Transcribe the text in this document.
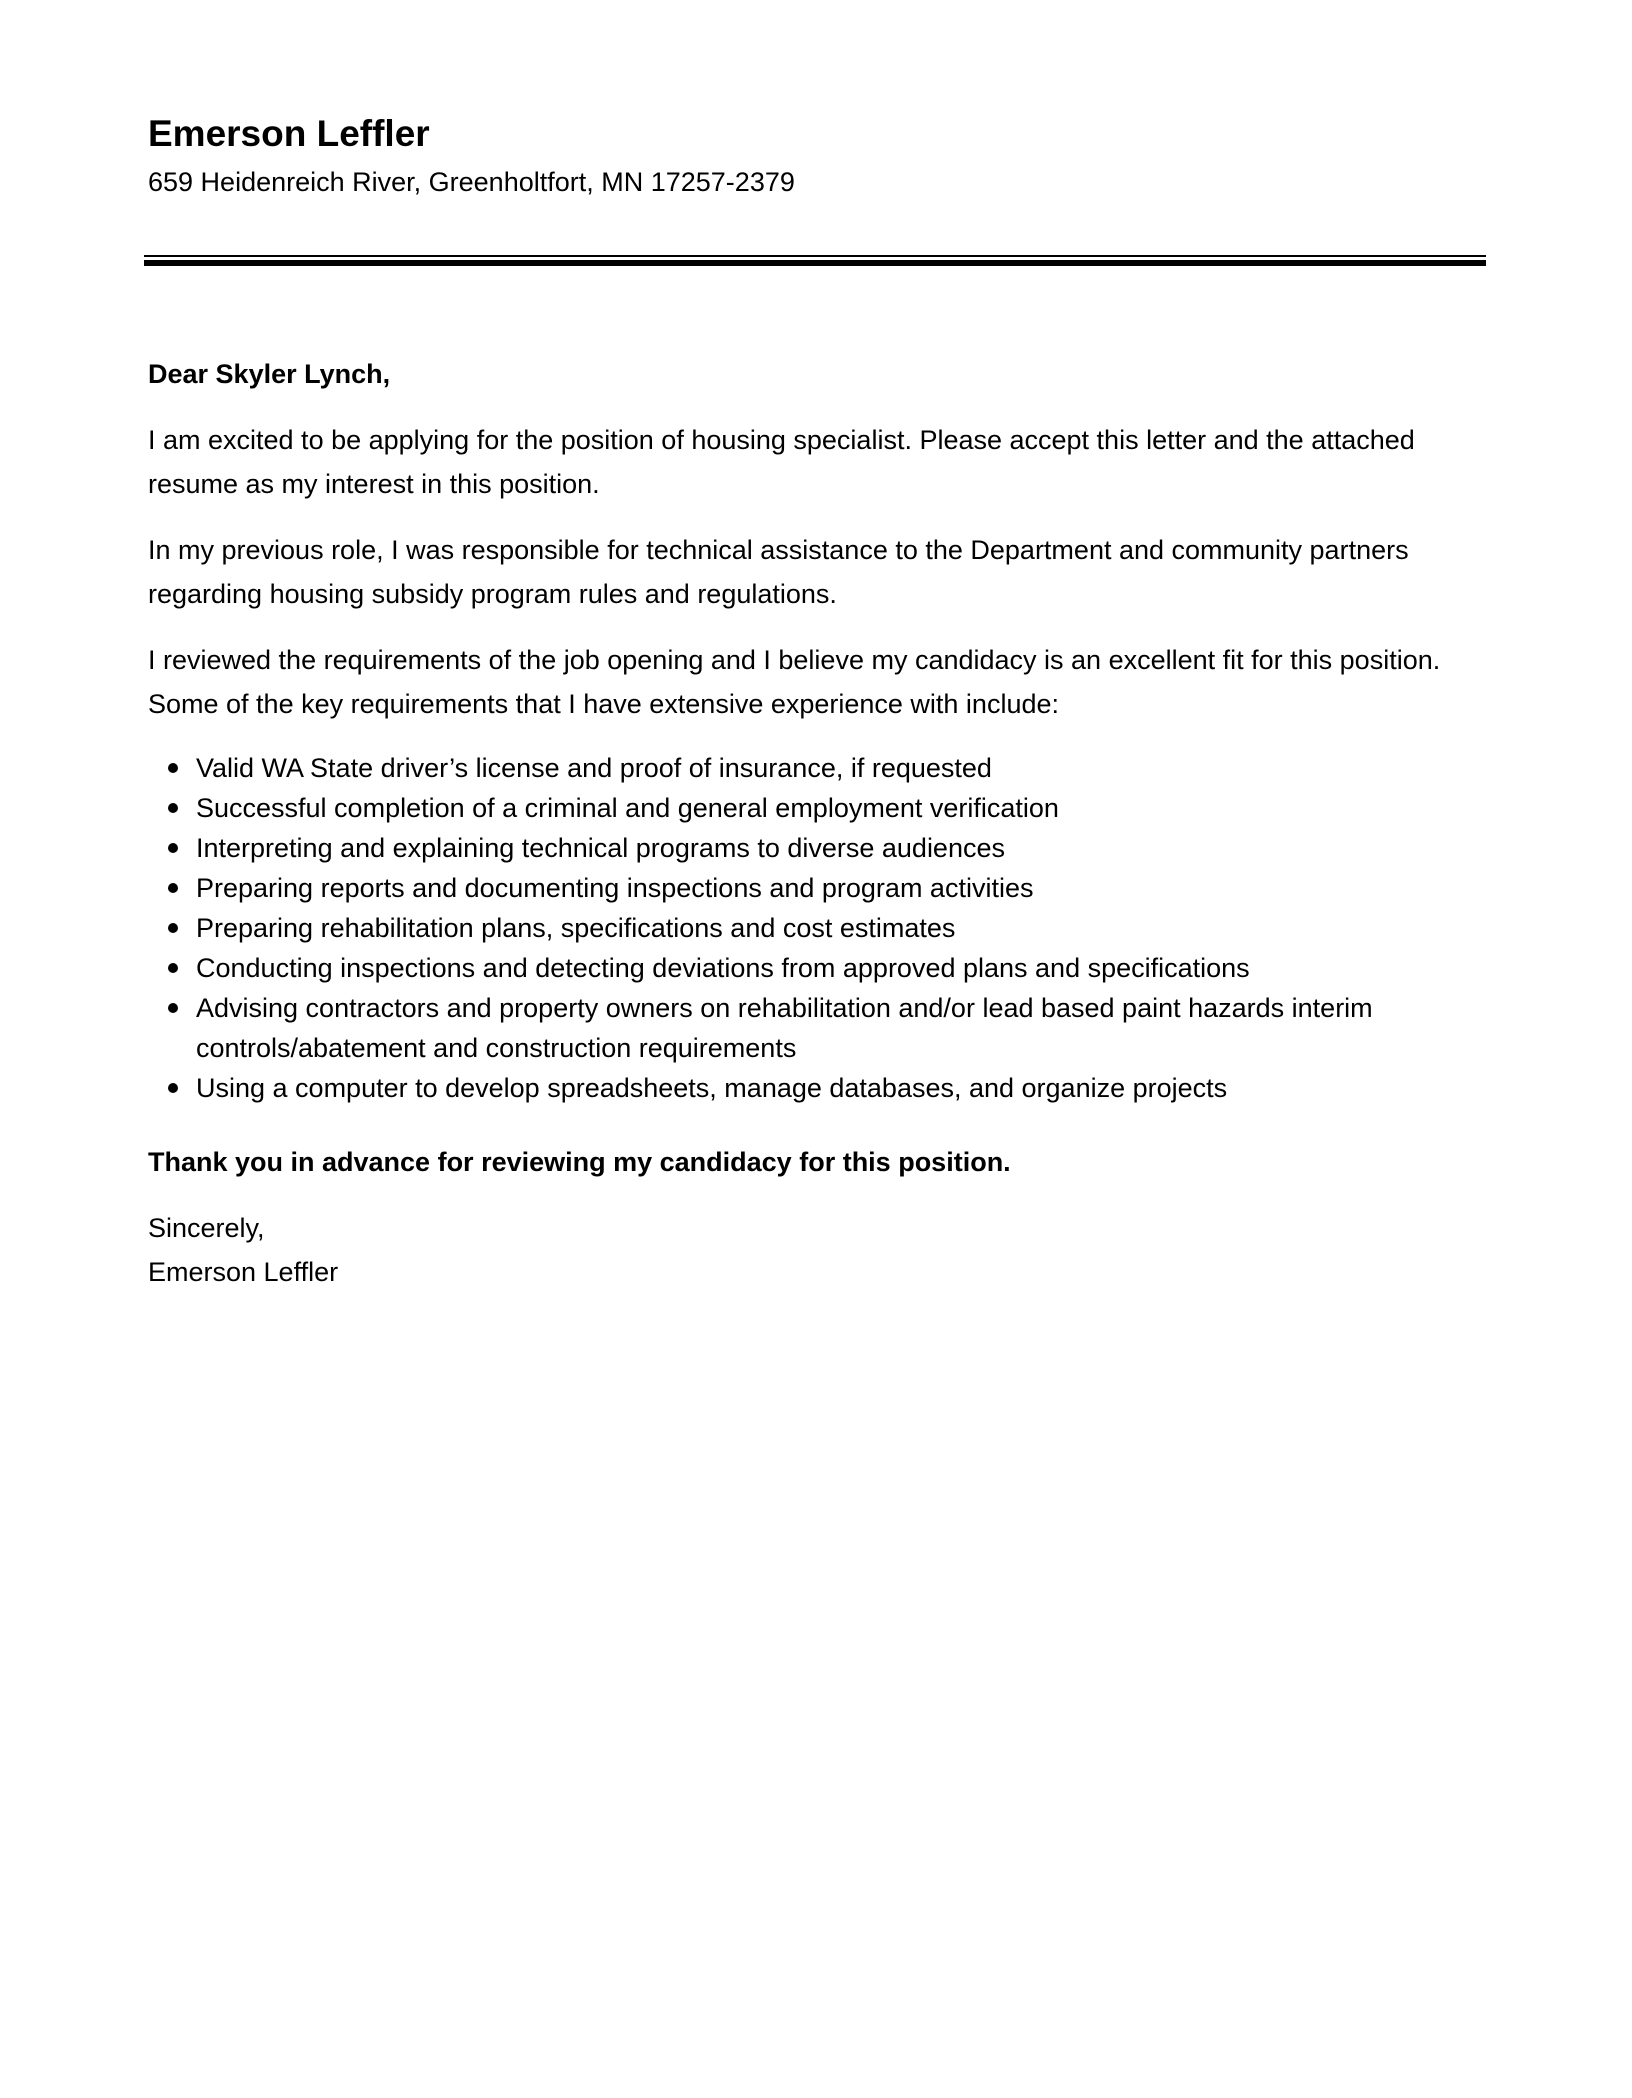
Emerson Leffler
659 Heidenreich River, Greenholtfort, MN 17257-2379

Dear Skyler Lynch,

I am excited to be applying for the position of housing specialist. Please accept this letter and the attached resume as my interest in this position.

In my previous role, I was responsible for technical assistance to the Department and community partners regarding housing subsidy program rules and regulations.

I reviewed the requirements of the job opening and I believe my candidacy is an excellent fit for this position. Some of the key requirements that I have extensive experience with include:

Valid WA State driver’s license and proof of insurance, if requested
Successful completion of a criminal and general employment verification
Interpreting and explaining technical programs to diverse audiences
Preparing reports and documenting inspections and program activities
Preparing rehabilitation plans, specifications and cost estimates
Conducting inspections and detecting deviations from approved plans and specifications
Advising contractors and property owners on rehabilitation and/or lead based paint hazards interim controls/abatement and construction requirements
Using a computer to develop spreadsheets, manage databases, and organize projects

Thank you in advance for reviewing my candidacy for this position.

Sincerely,

Emerson Leffler
